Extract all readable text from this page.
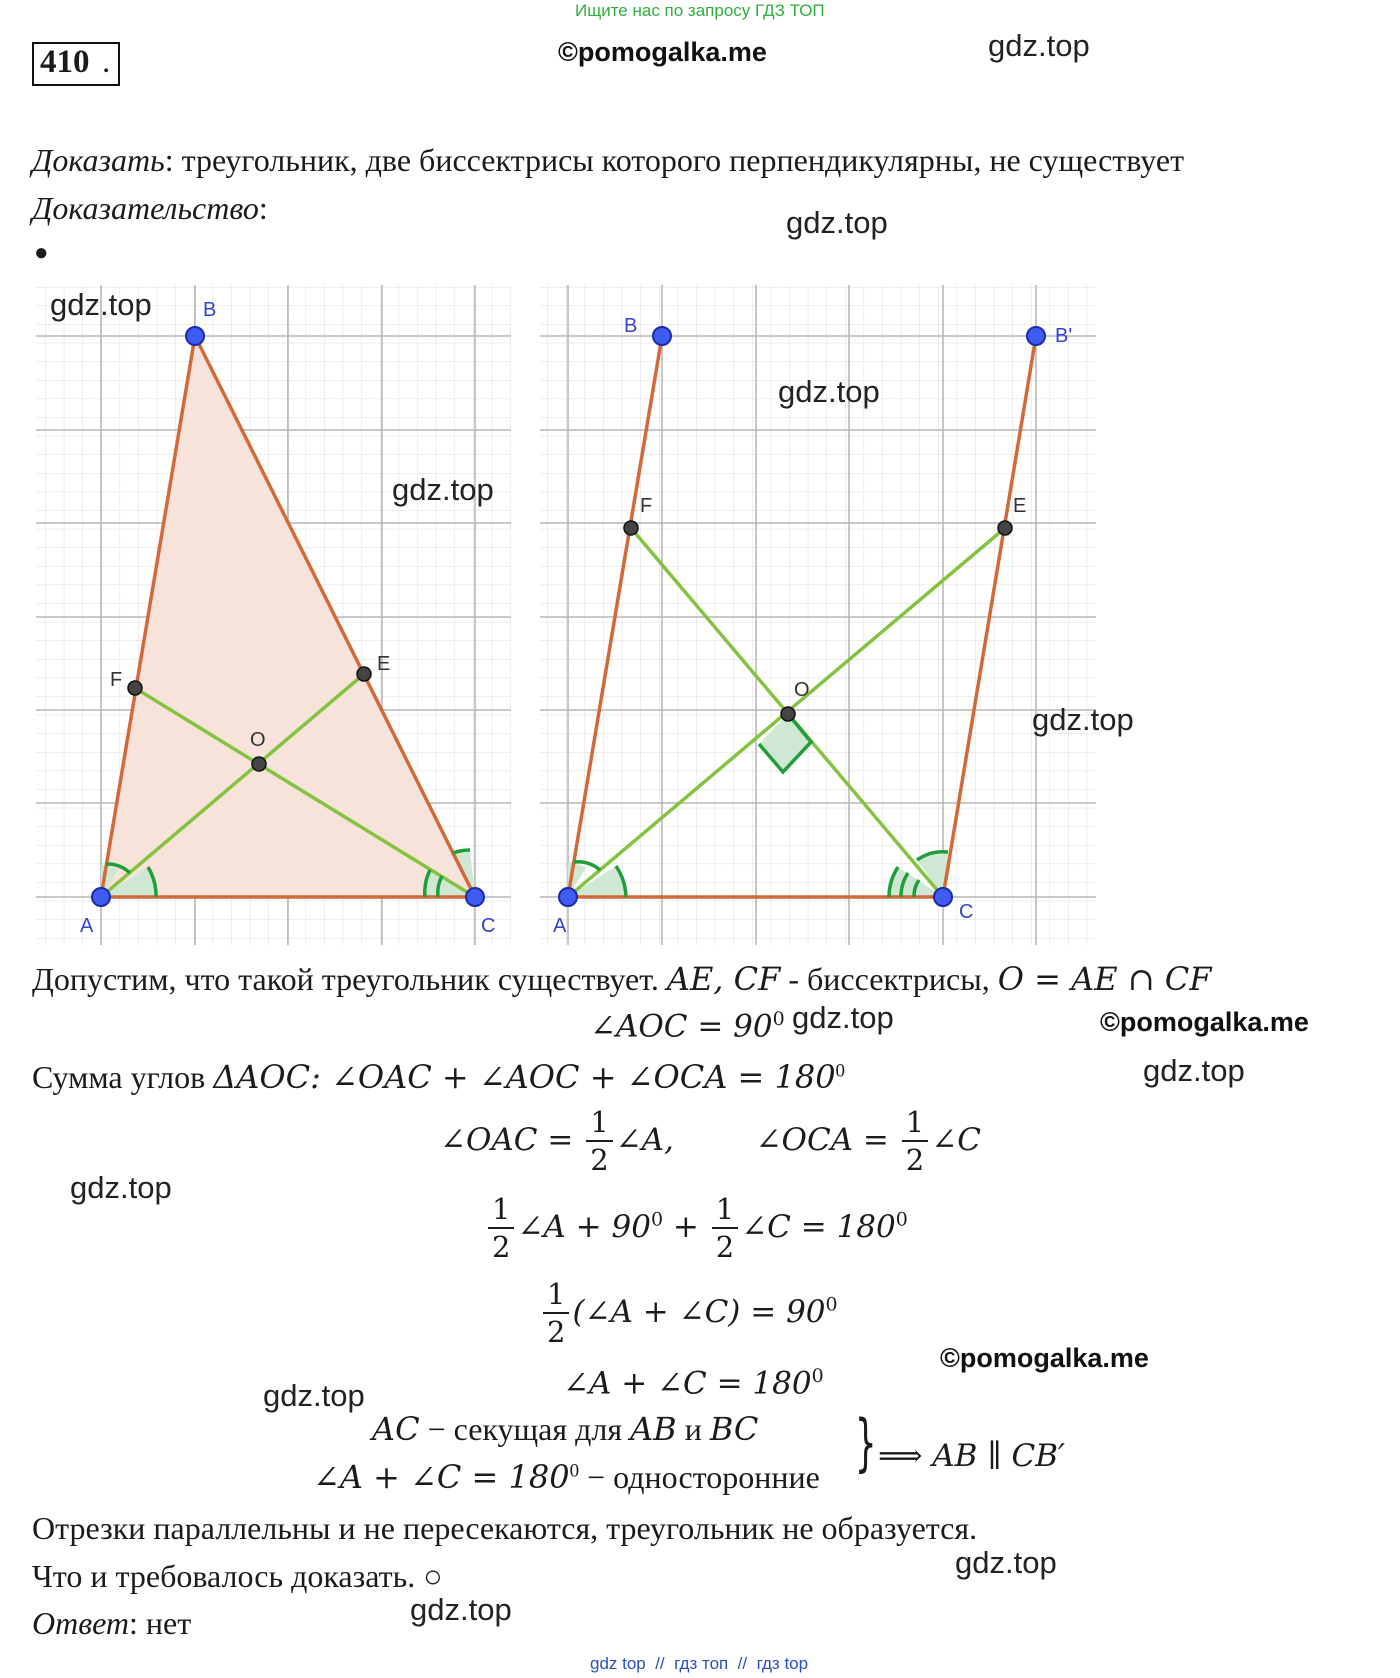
Ищите нас по запросу ГДЗ ТОП
410 .	©pomogalka.me	gdz.top
Доказать: треугольник, две биссектрисы которого перпендикулярны, не существует
Доказательство:	gdz.top
●
A
B
C
E
F
O
A
B	B'
C
E
F
O
gdz.top
gdz.top
gdz.top
gdz.top
Допустим, что такой треугольник существует. AE, CF - биссектрисы, O = AE ∩ CF
∠AOC = $90^0$ gdz.top	©pomogalka.me
Сумма углов ΔAOC: ∠OAC + ∠AOC + ∠OCA = $180^0$	gdz.top
∠OAC = $\frac{1}{2}$ ∠A,	∠OCA = $\frac{1}{2}$ ∠C
gdz.top
$\frac{1}{2}$ ∠A + $90^0 + \frac{1}{2}$ ∠C = $180^0$
$\frac{1}{2}$ (∠A + ∠C) = $90^0$
©pomogalka.me
∠A + ∠C = $180^0$
gdz.top
AC − секущая для AB и BC
∠A + ∠C = $180^0$ − односторонние } ⟹ AB ∥ CB′
Отрезки параллельны и не пересекаются, треугольник не образуется.
Что и требовалось доказать. ○	gdz.top
Ответ: нет	gdz.top
gdz top  //  гдз топ  //  гдз top
